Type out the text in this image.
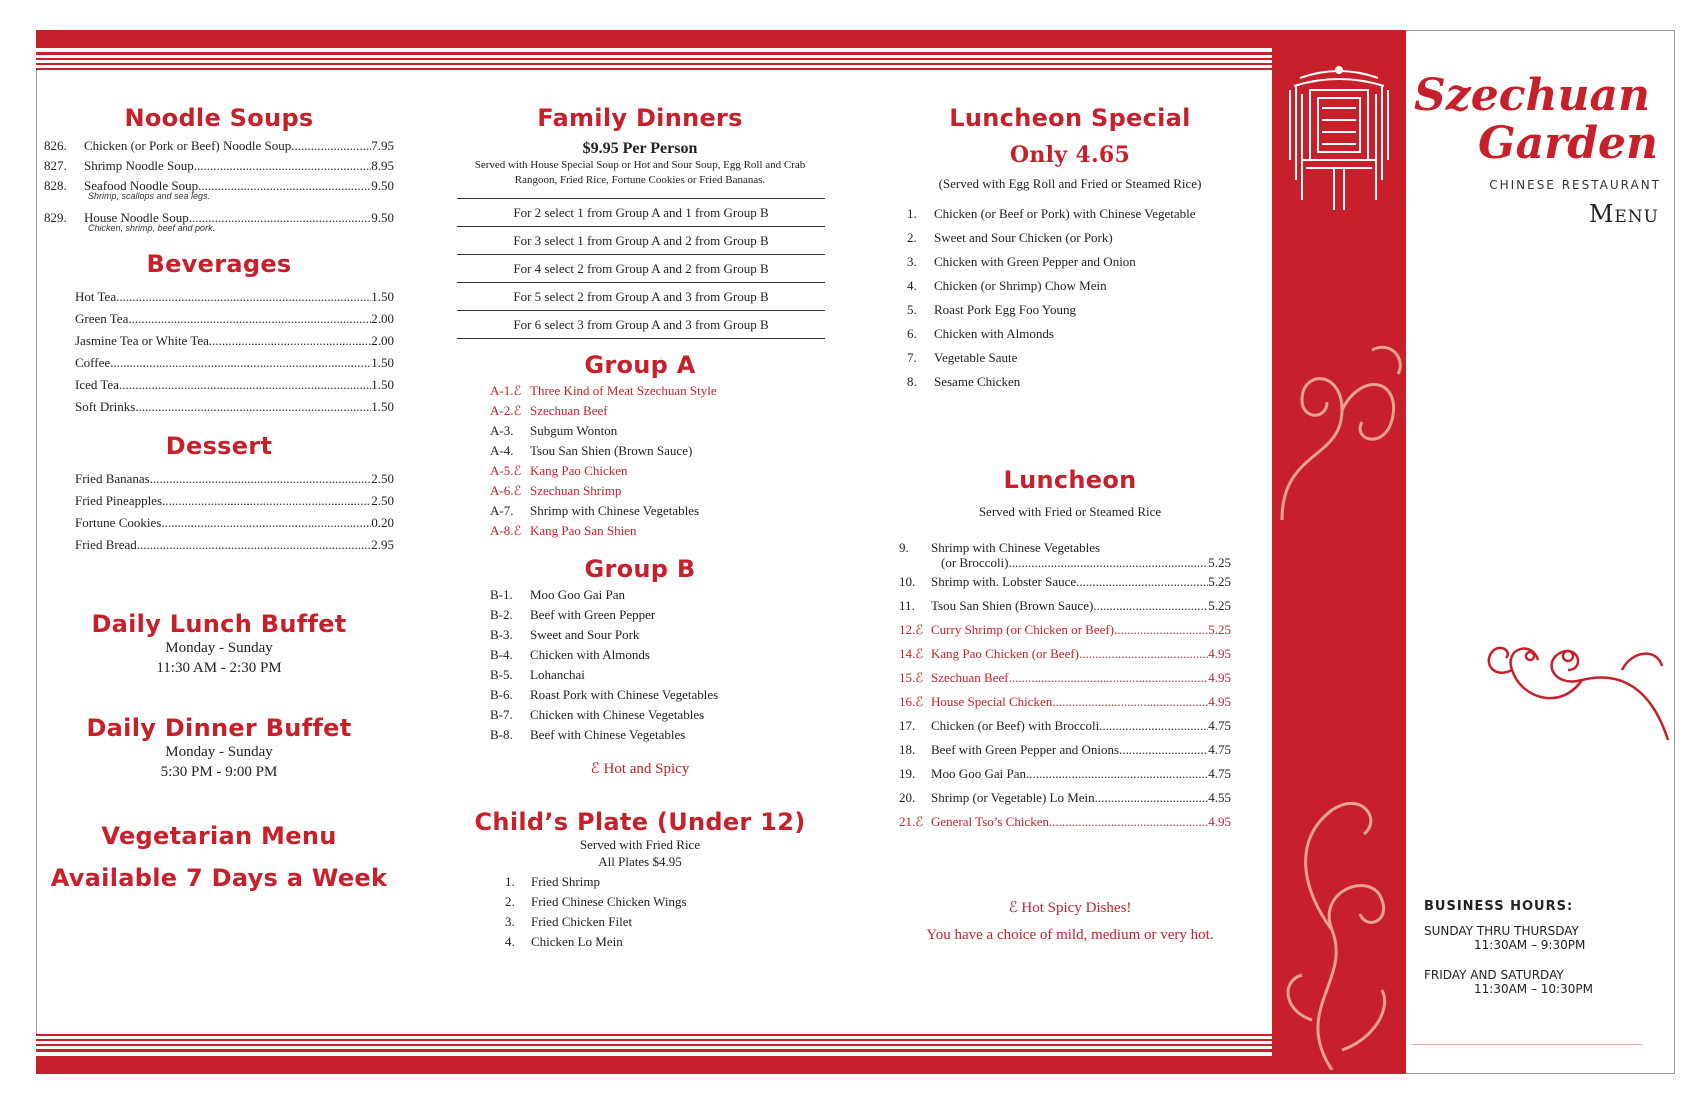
Noodle Soups
826.	Chicken (or Pork or Beef) Noodle Soup .....	7.95
827.	Shrimp Noodle Soup .....	8.95
828.	Seafood Noodle Soup .....	9.50
Shrimp, scallops and sea legs.
829.	House Noodle Soup .....	9.50
Chicken, shrimp, beef and pork.
Beverages
Hot Tea .....	1.50
Green Tea .....	2.00
Jasmine Tea or White Tea .....	2.00
Coffee .....	1.50
Iced Tea .....	1.50
Soft Drinks .....	1.50
Dessert
Fried Bananas .....	2.50
Fried Pineapples .....	2.50
Fortune Cookies .....	0.20
Fried Bread .....	2.95
Daily Lunch Buffet
Monday - Sunday
11:30 AM - 2:30 PM
Daily Dinner Buffet
Monday - Sunday
5:30 PM - 9:00 PM
Vegetarian Menu
Available 7 Days a Week
Family Dinners
$9.95 Per Person
Served with House Special Soup or Hot and Sour Soup, Egg Roll and Crab Rangoon, Fried Rice, Fortune Cookies or Fried Bananas.
For 2 select 1 from Group A and 1 from Group B
For 3 select 1 from Group A and 2 from Group B
For 4 select 2 from Group A and 2 from Group B
For 5 select 2 from Group A and 3 from Group B
For 6 select 3 from Group A and 3 from Group B
Group A
A-1.ℰ Three Kind of Meat Szechuan Style
A-2.ℰ Szechuan Beef
A-3.	Subgum Wonton
A-4.	Tsou San Shien (Brown Sauce)
A-5.ℰ Kang Pao Chicken
A-6.ℰ Szechuan Shrimp
A-7.	Shrimp with Chinese Vegetables
A-8.ℰ Kang Pao San Shien
Group B
B-1.	Moo Goo Gai Pan
B-2.	Beef with Green Pepper
B-3.	Sweet and Sour Pork
B-4.	Chicken with Almonds
B-5.	Lohanchai
B-6.	Roast Pork with Chinese Vegetables
B-7.	Chicken with Chinese Vegetables
B-8.	Beef with Chinese Vegetables
ℰ Hot and Spicy
Child’s Plate (Under 12)
Served with Fried Rice
All Plates $4.95
1.	Fried Shrimp
2.	Fried Chinese Chicken Wings
3.	Fried Chicken Filet
4.	Chicken Lo Mein
Luncheon Special
Only 4.65
(Served with Egg Roll and Fried or Steamed Rice)
1.	Chicken (or Beef or Pork) with Chinese Vegetable
2.	Sweet and Sour Chicken (or Pork)
3.	Chicken with Green Pepper and Onion
4.	Chicken (or Shrimp) Chow Mein
5.	Roast Pork Egg Foo Young
6.	Chicken with Almonds
7.	Vegetable Saute
8.	Sesame Chicken
Luncheon
Served with Fried or Steamed Rice
9.	Shrimp with Chinese Vegetables
(or Broccoli) .....	5.25
10.	Shrimp with. Lobster Sauce .....	5.25
11.	Tsou San Shien (Brown Sauce) .....	5.25
12.ℰ Curry Shrimp (or Chicken or Beef) .....	5.25
14.ℰ Kang Pao Chicken (or Beef) .....	4.95
15.ℰ Szechuan Beef .....	4.95
16.ℰ House Special Chicken .....	4.95
17.	Chicken (or Beef) with Broccoli .....	4.75
18.	Beef with Green Pepper and Onions .....	4.75
19.	Moo Goo Gai Pan .....	4.75
20.	Shrimp (or Vegetable) Lo Mein .....	4.55
21.ℰ General Tso’s Chicken .....	4.95
ℰ Hot Spicy Dishes!
You have a choice of mild, medium or very hot.
Szechuan
Garden
CHINESE RESTAURANT
Menu
BUSINESS HOURS:
SUNDAY THRU THURSDAY
11:30AM – 9:30PM
FRIDAY AND SATURDAY
11:30AM – 10:30PM
